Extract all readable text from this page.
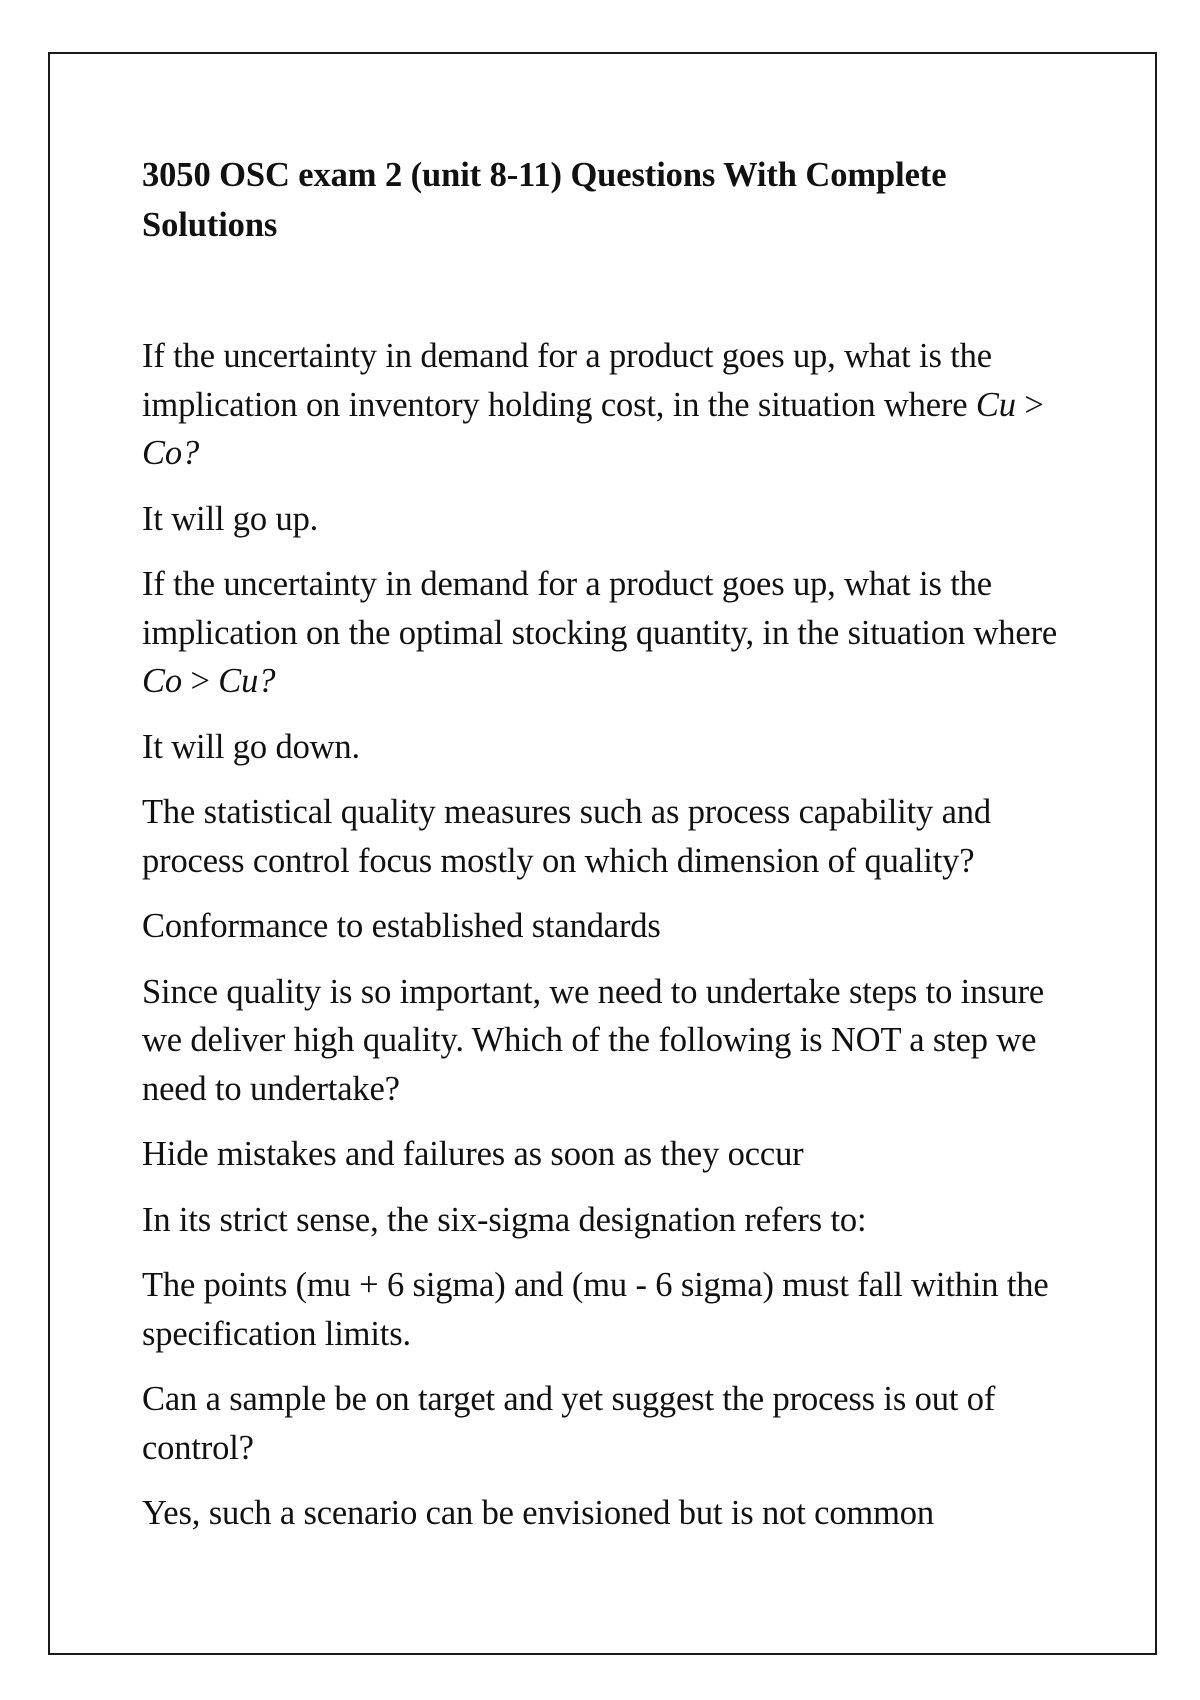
3050 OSC exam 2 (unit 8-11) Questions With Complete Solutions

If the uncertainty in demand for a product goes up, what is the implication on inventory holding cost, in the situation where Cu > Co?

It will go up.

If the uncertainty in demand for a product goes up, what is the implication on the optimal stocking quantity, in the situation where Co > Cu?

It will go down.

The statistical quality measures such as process capability and process control focus mostly on which dimension of quality?

Conformance to established standards

Since quality is so important, we need to undertake steps to insure we deliver high quality. Which of the following is NOT a step we need to undertake?

Hide mistakes and failures as soon as they occur

In its strict sense, the six-sigma designation refers to:

The points (mu + 6 sigma) and (mu - 6 sigma) must fall within the specification limits.

Can a sample be on target and yet suggest the process is out of control?

Yes, such a scenario can be envisioned but is not common
